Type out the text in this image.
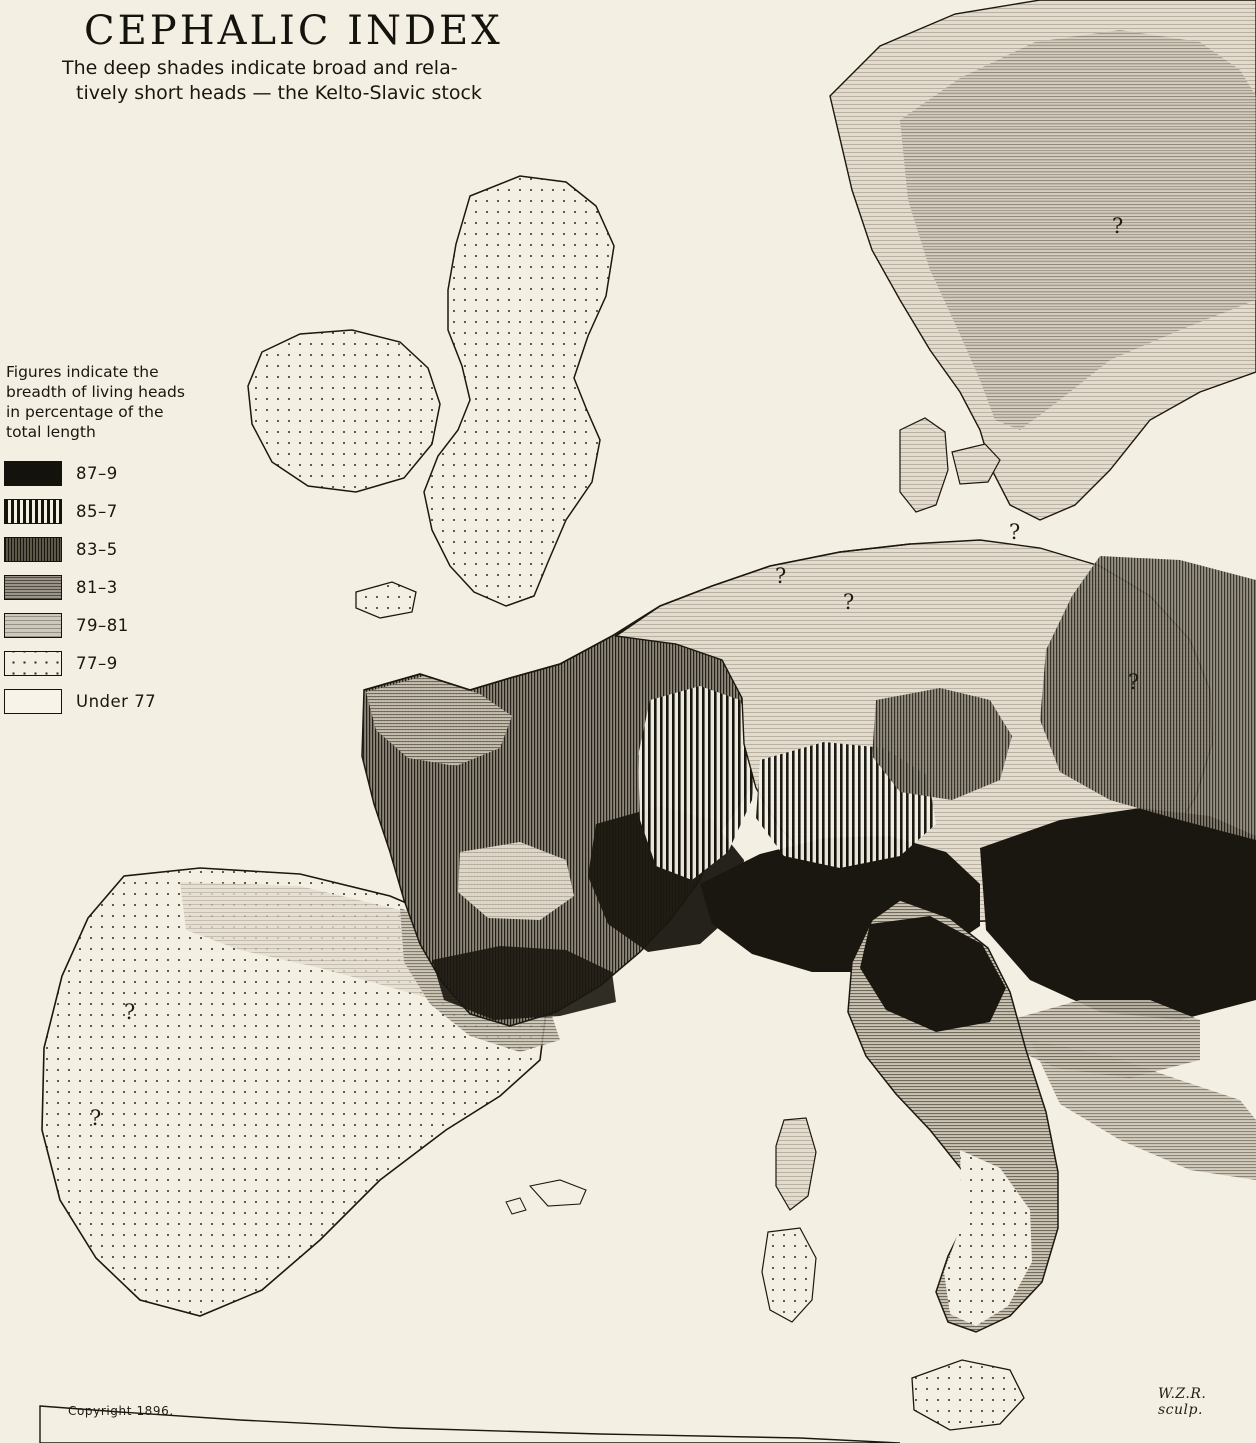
?
?
?
?
?
?
?
CEPHALIC INDEX

The deep shades indicate broad and rela-
tively short heads — the Kelto-Slavic stock

Figures indicate the
breadth of living heads
in percentage of the
total length

87–9
85–7
83–5
81–3
79–81
77–9
Under 77
Copyright 1896.
W.Z.R. sculp.
